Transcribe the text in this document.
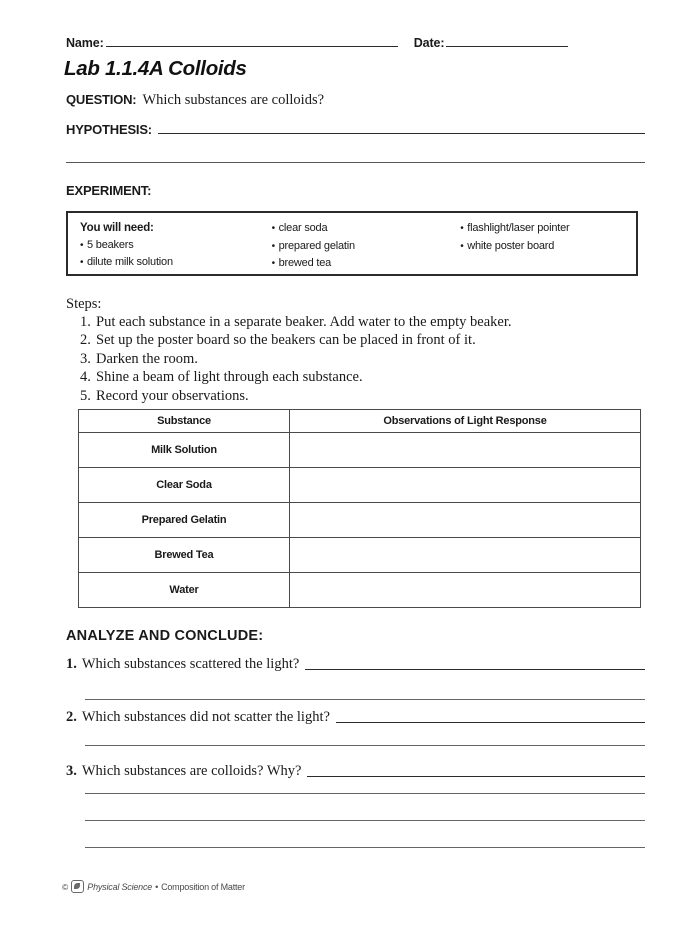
Name:	Date:
Lab 1.1.4A Colloids
QUESTION: Which substances are colloids?
HYPOTHESIS:
EXPERIMENT:
You will need:
• 5 beakers
• dilute milk solution
• clear soda
• prepared gelatin
• brewed tea
• flashlight/laser pointer
• white poster board
Steps:
1. Put each substance in a separate beaker. Add water to the empty beaker.
2. Set up the poster board so the beakers can be placed in front of it.
3. Darken the room.
4. Shine a beam of light through each substance.
5. Record your observations.
Substance	Observations of Light Response
Milk Solution	
Clear Soda	
Prepared Gelatin	
Brewed Tea	
Water	
ANALYZE AND CONCLUDE:
1. Which substances scattered the light?
2. Which substances did not scatter the light?
3. Which substances are colloids? Why?
© Physical Science • Composition of Matter
